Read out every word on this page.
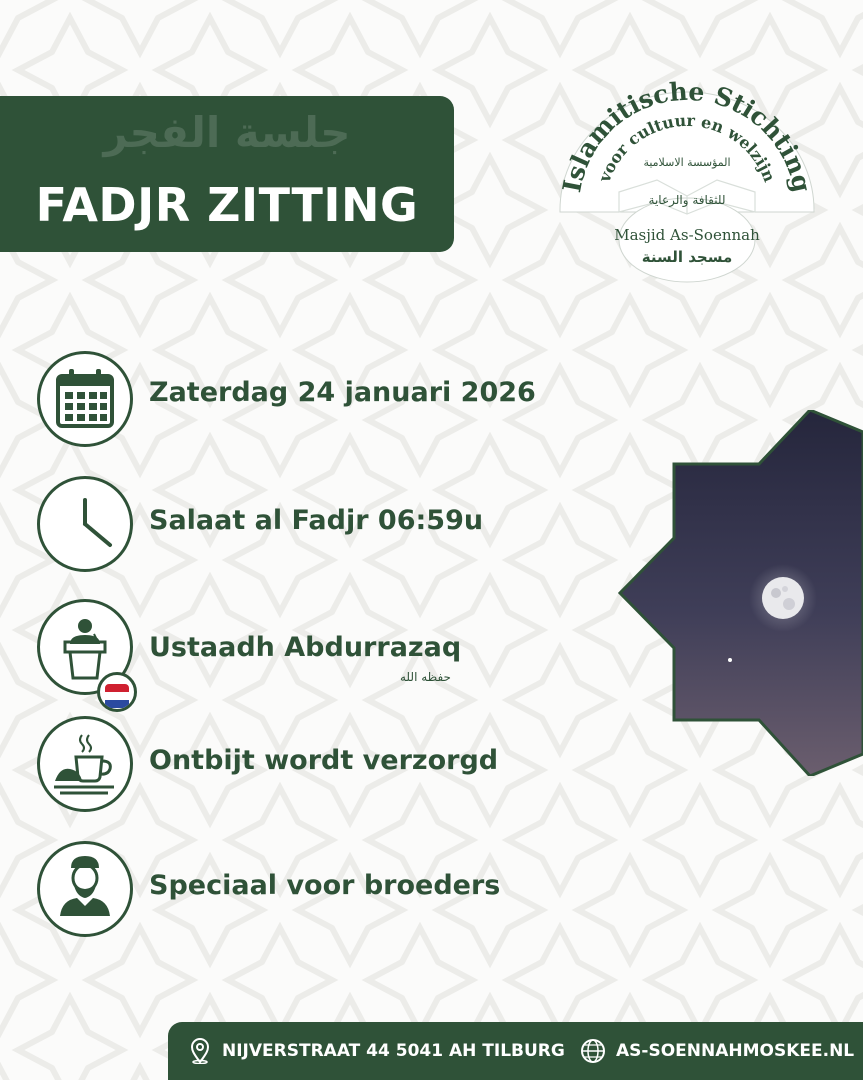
جلسة الفجر
FADJR ZITTING	Islamitische Stichting
voor cultuur en welzijn
المؤسسة الاسلامية
للثقافة والرعاية
Masjid As-Soennah
مسجد السنة
Zaterdag 24 januari 2026
Salaat al Fadjr 06:59u
Ustaadh Abdurrazaq
حفظه الله
Ontbijt wordt verzorgd
Speciaal voor broeders
NIJVERSTRAAT 44 5041 AH TILBURG	AS-SOENNAHMOSKEE.NL
